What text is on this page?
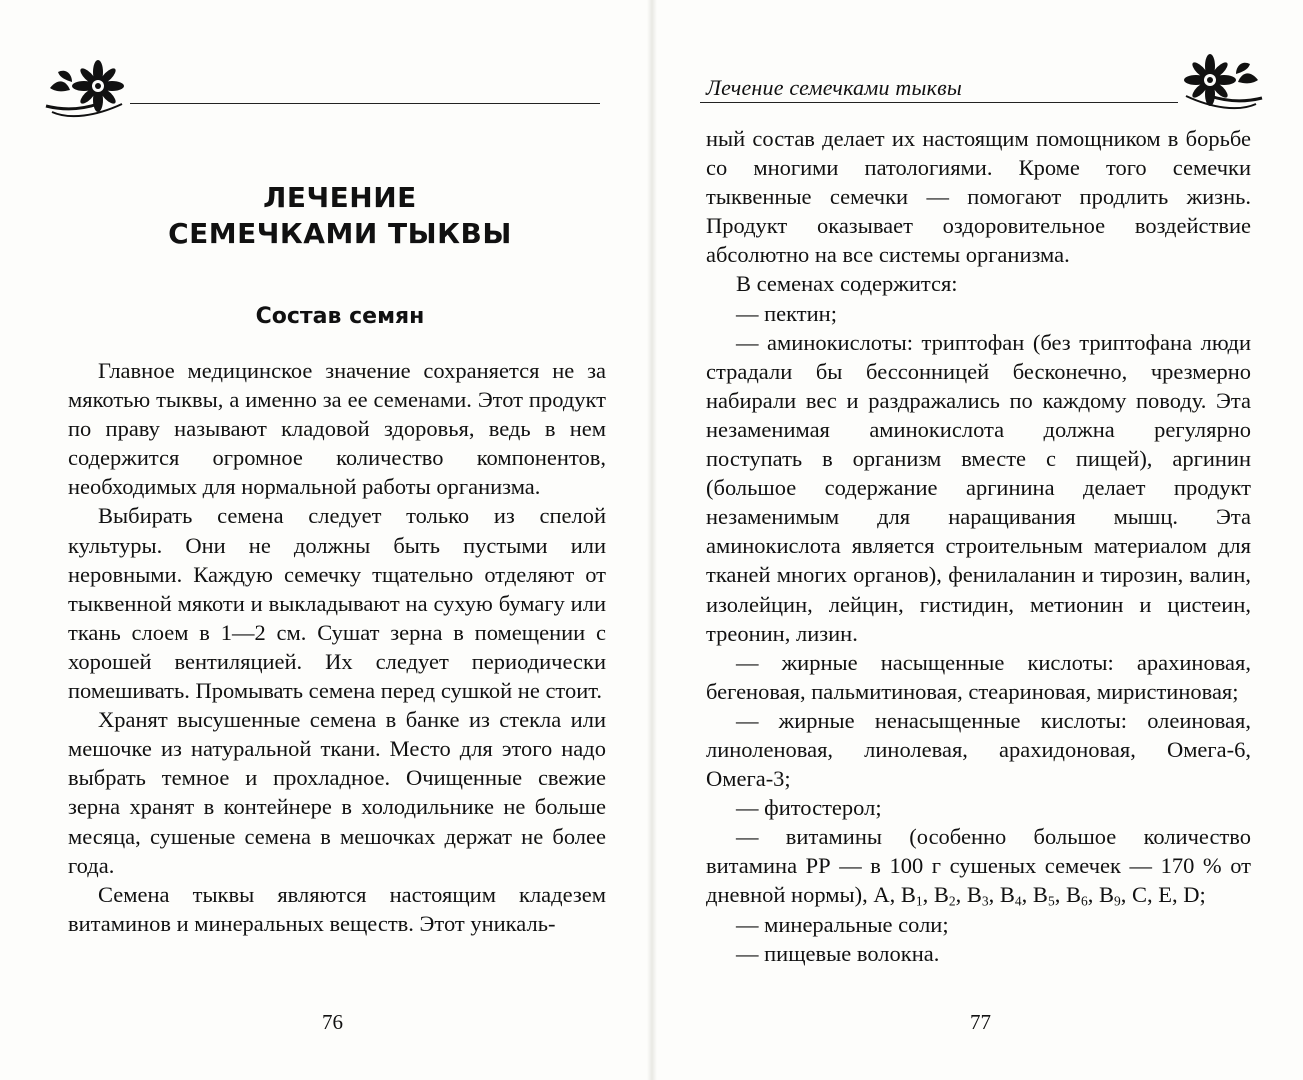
ЛЕЧЕНИЕ
СЕМЕЧКАМИ ТЫКВЫ
Состав семян

Главное медицинское значение сохраняется не за мякотью тыквы, а именно за ее семенами. Этот продукт по праву называют кладовой здоровья, ведь в нем содержится огромное количество компонентов, необходимых для нормальной работы организма.

Выбирать семена следует только из спелой культуры. Они не должны быть пустыми или неровными. Каждую семечку тщательно отделяют от тыквенной мякоти и выкладывают на сухую бумагу или ткань слоем в 1—2 см. Сушат зерна в помещении с хорошей вентиляцией. Их следует периодически помешивать. Промывать семена перед сушкой не стоит.

Хранят высушенные семена в банке из стекла или мешочке из натуральной ткани. Место для этого надо выбрать темное и прохладное. Очищенные свежие зерна хранят в контейнере в холодильнике не больше месяца, сушеные семена в мешочках держат не более года.

Семена тыквы являются настоящим кладезем витаминов и минеральных веществ. Этот уникаль-

76
Лечение семечками тыквы

ный состав делает их настоящим помощником в борьбе со многими патологиями. Кроме того семечки тыквенные семечки — помогают продлить жизнь. Продукт оказывает оздоровительное воздействие абсолютно на все системы организма.

В семенах содержится:

— пектин;

— аминокислоты: триптофан (без триптофана люди страдали бы бессонницей бесконечно, чрезмерно набирали вес и раздражались по каждому поводу. Эта незаменимая аминокислота должна регулярно поступать в организм вместе с пищей), аргинин (большое содержание аргинина делает продукт незаменимым для наращивания мышц. Эта аминокислота является строительным материалом для тканей многих органов), фенилаланин и тирозин, валин, изолейцин, лейцин, гистидин, метионин и цистеин, треонин, лизин.

— жирные насыщенные кислоты: арахиновая, бегеновая, пальмитиновая, стеариновая, миристиновая;

— жирные ненасыщенные кислоты: олеиновая, линоленовая, линолевая, арахидоновая, Омега-6, Омега-3;

— фитостерол;

— витамины (особенно большое количество витамина РР — в 100 г сушеных семечек — 170 % от дневной нормы), А, $B_1$, $B_2$, $B_3$, $B_4$, $B_5$, $B_6$, $B_9$, C, E, D;

— минеральные соли;

— пищевые волокна.

77
